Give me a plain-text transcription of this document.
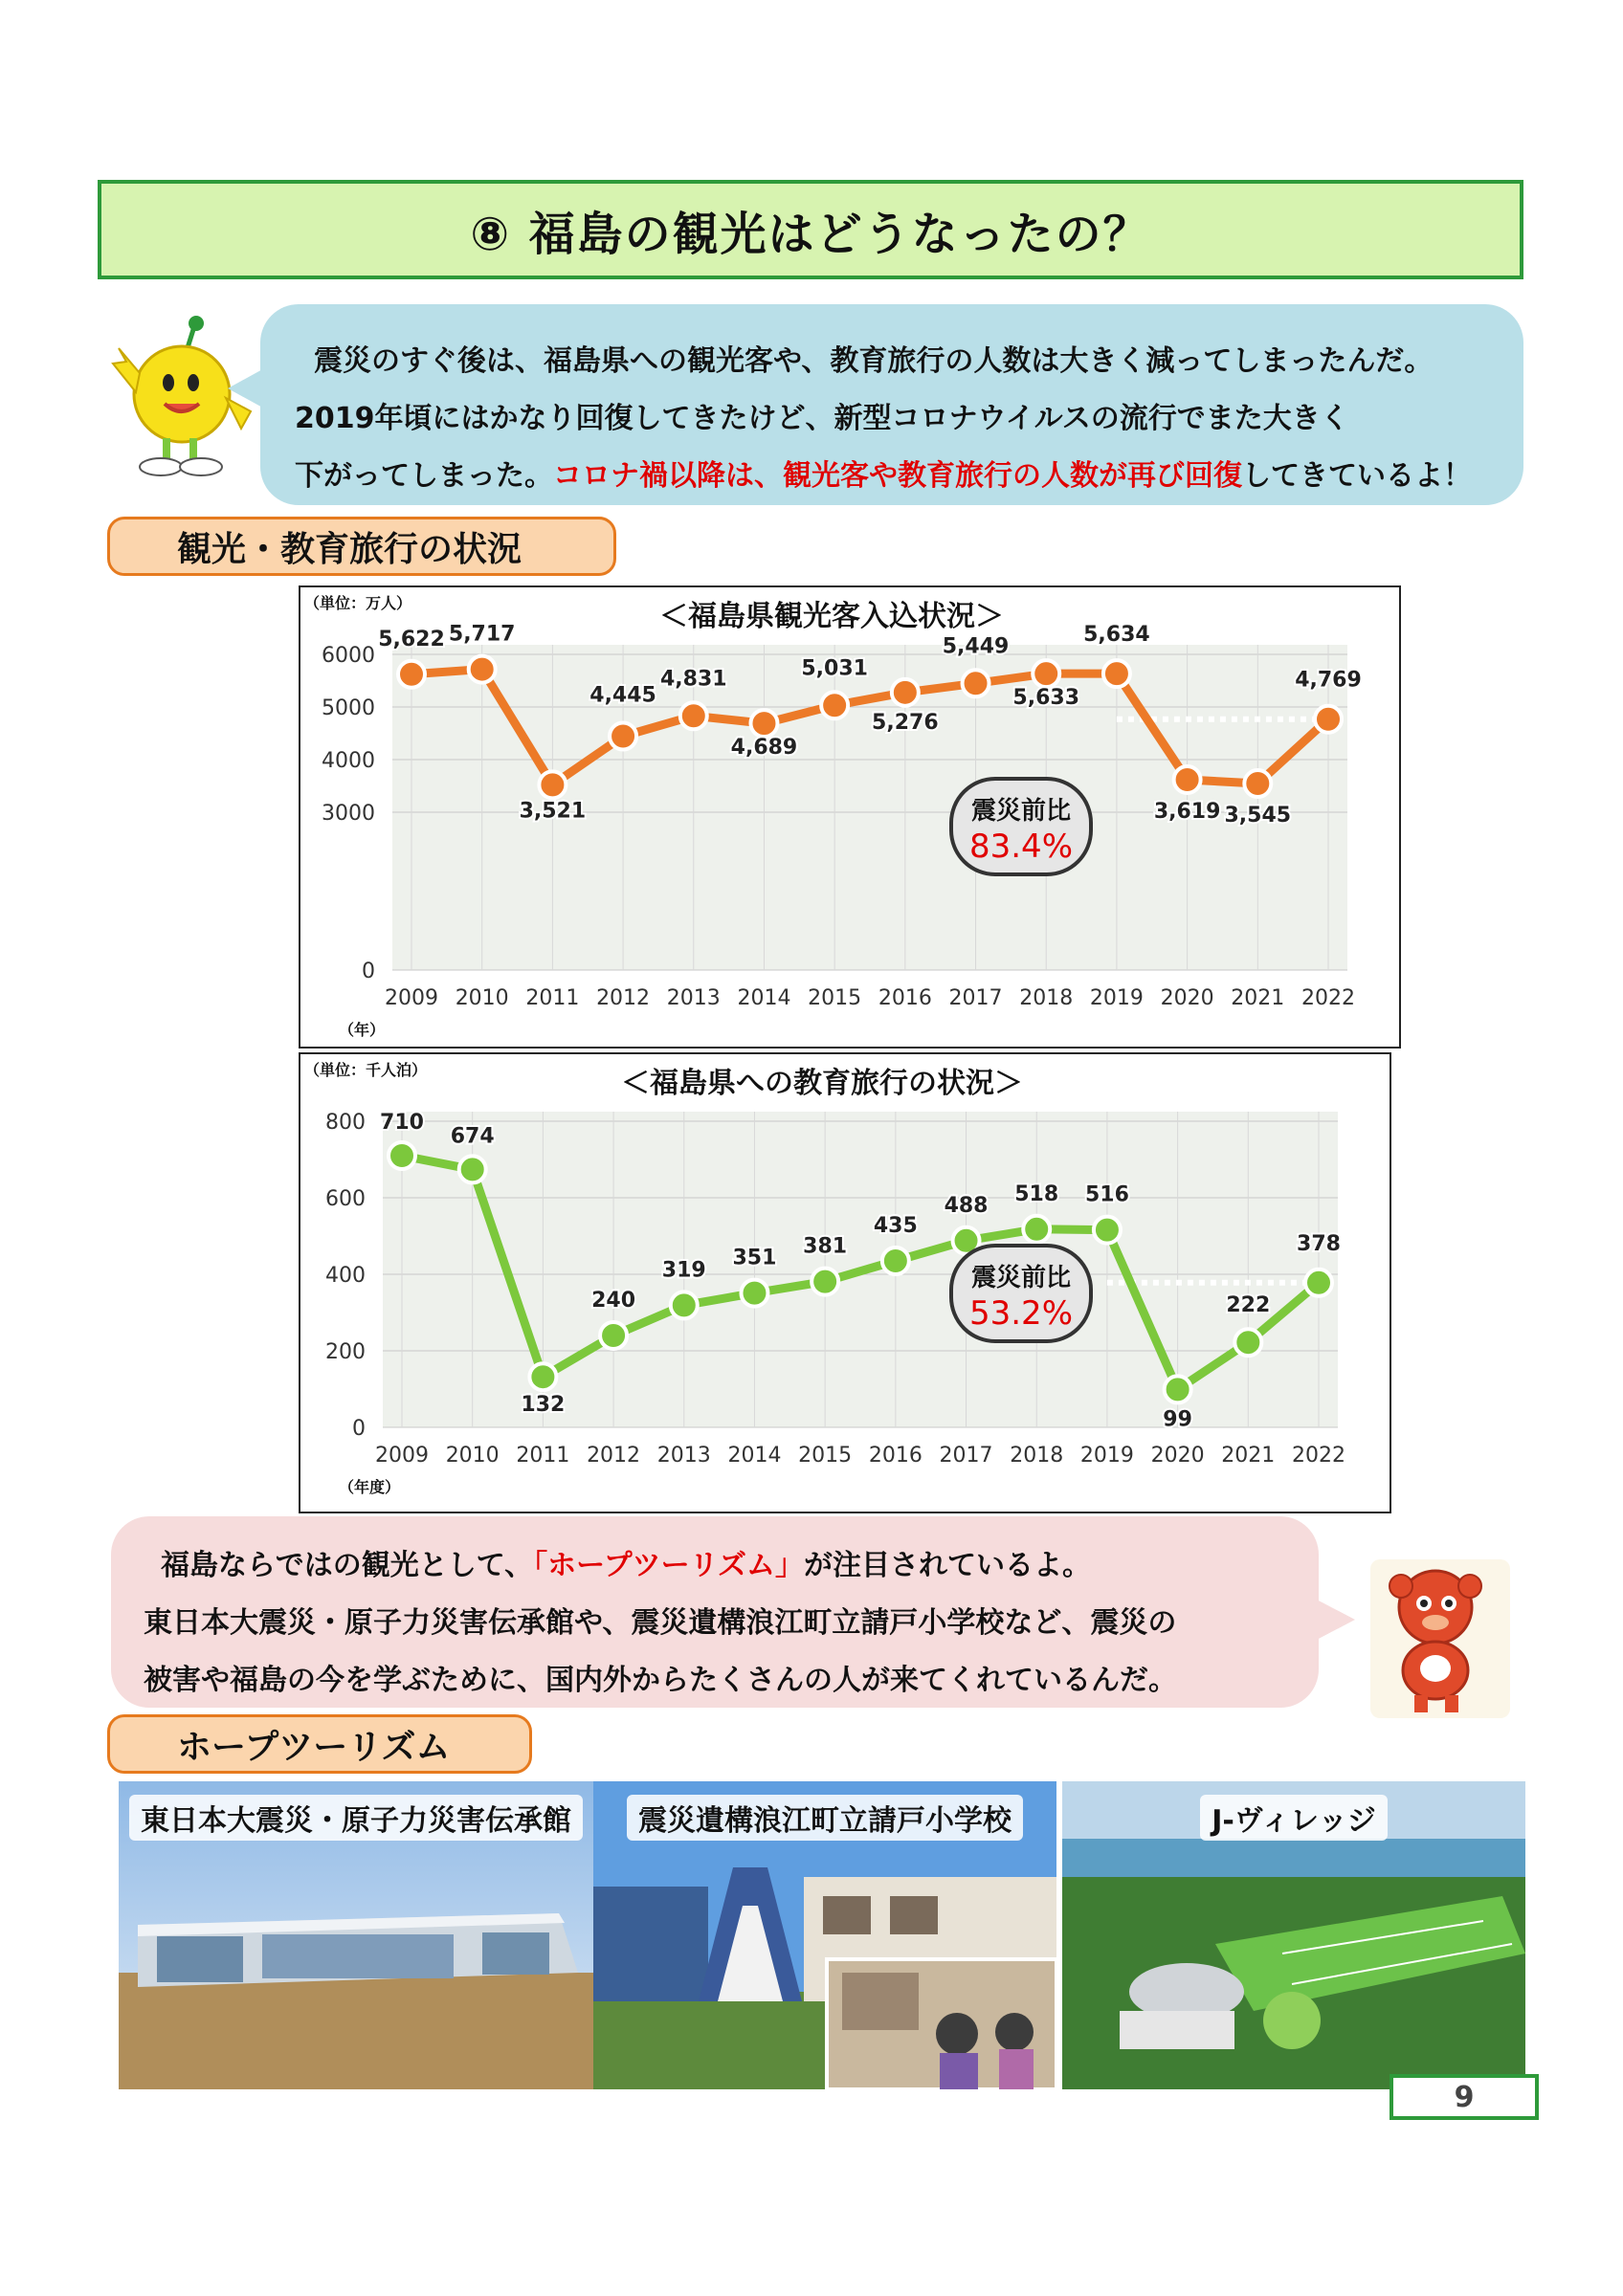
⑧ 福島の観光はどうなったの？
震災のすぐ後は、福島県への観光客や、教育旅行の人数は大きく減ってしまったんだ。
2019年頃にはかなり回復してきたけど、新型コロナウイルスの流行でまた大きく
下がってしまった。コロナ禍以降は、観光客や教育旅行の人数が再び回復してきているよ！
観光・教育旅行の状況
＜福島県観光客入込状況＞
（単位：万人）
（年）
6000
5000
4000
3000
0
2009 2010 2011 2012 2013 2014 2015 2016 2017 2018 2019 2020 2021 2022
5,622 5,717
3,521
4,445
4,831
4,689
5,031
5,276
5,449
5,633
5,634
3,619 3,545
4,769
震災前比
83.4%
＜福島県への教育旅行の状況＞
（単位：千人泊）
（年度）
800
600
400
200
0
2009 2010 2011 2012 2013 2014 2015 2016 2017 2018 2019 2020 2021 2022
710
674
132
240
319
351 381
435
488 518 516
99
222
378
震災前比
53.2%
福島ならではの観光として、「ホープツーリズム」が注目されているよ。
東日本大震災・原子力災害伝承館や、震災遺構浪江町立請戸小学校など、震災の
被害や福島の今を学ぶために、国内外からたくさんの人が来てくれているんだ。
ホープツーリズム
東日本大震災・原子力災害伝承館	震災遺構浪江町立請戸小学校	J-ヴィレッジ
9
